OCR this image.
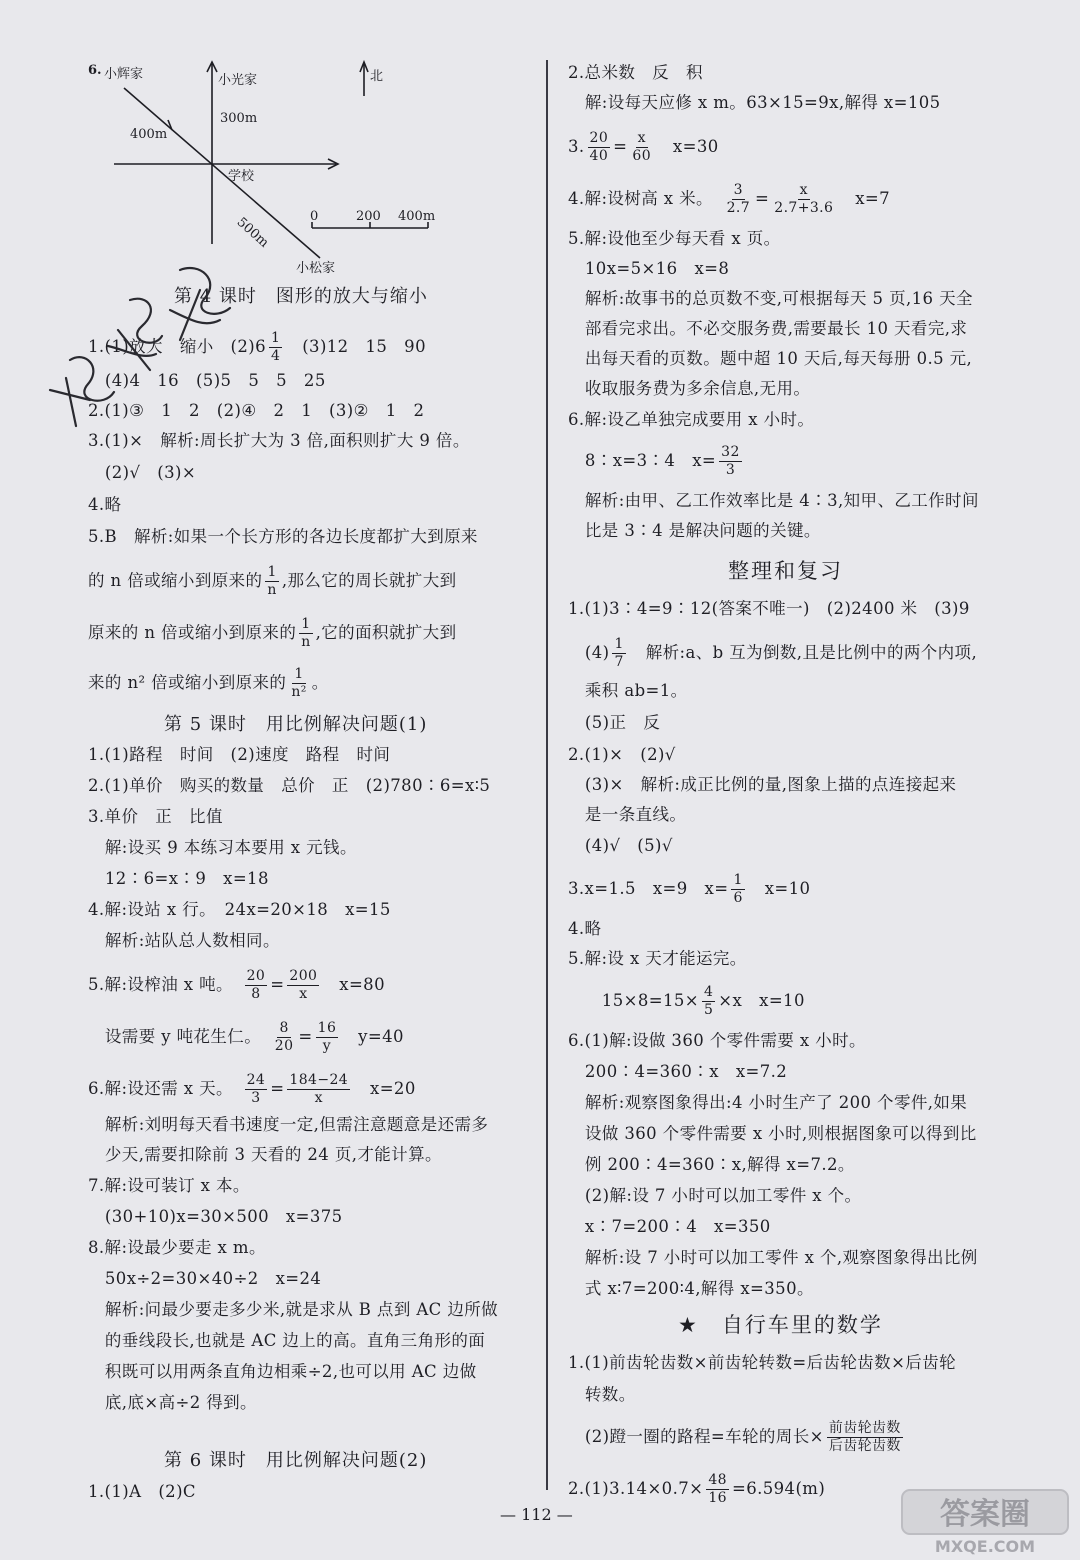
6. 小辉家	小光家	北
300m
400m
学校
500m
小松家
0	200 400m
第 4 课时　图形的放大与缩小
1.(1)放大　缩小　$(2)6 \frac{1}{4}$ 　(3)12　15　90
　(4)4　16　(5)5　5　5　25
2.(1)③　1　2　(2)④　2　1　(3)②　1　2
3.(1)×　解析:周长扩大为 3 倍,面积则扩大 9 倍。
　(2)√　(3)×
4.略
5.B　解析:如果一个长方形的各边长度都扩大到原来
的 n 倍或缩小到原来的 $\frac{1}{n}$ ,那么它的周长就扩大到
原来的 n 倍或缩小到原来的 $\frac{1}{n}$ ,它的面积就扩大到
来的 n² 倍或缩小到原来的 $\frac{1}{\text{n²}}$ 。
第 5 课时　用比例解决问题(1)
1.(1)路程　时间　(2)速度　路程　时间
2.(1)单价　购买的数量　总价　正　(2)780∶6=x∶5
3.单价　正　比值
　解:设买 9 本练习本要用 x 元钱。
　12∶6=x∶9　x=18
4.解:设站 x 行。　24x=20×18　x=15
　解析:站队总人数相同。
5.解:设榨油 x 吨。　 $\frac{20}{8} = \frac{200}{x}$ 　x=80
　设需要 y 吨花生仁。　 $\frac{8}{20} = \frac{16}{y}$ 　y=40
6.解:设还需 x 天。　 $\frac{24}{3} = \frac{184-24}{x}$ 　x=20
　解析:刘明每天看书速度一定,但需注意题意是还需多
　少天,需要扣除前 3 天看的 24 页,才能计算。
7.解:设可装订 x 本。
　(30+10)x=30×500　x=375
8.解:设最少要走 x m。
　50x÷2=30×40÷2　x=24
　解析:问最少要走多少米,就是求从 B 点到 AC 边所做
　的垂线段长,也就是 AC 边上的高。直角三角形的面
　积既可以用两条直角边相乘÷2,也可以用 AC 边做
　底,底×高÷2 得到。
第 6 课时　用比例解决问题(2)
1.(1)A　(2)C
2.总米数　反　积
　解:设每天应修 x m。63×15=9x,解得 x=105
3. $\frac{20}{40} = \frac{x}{60}$ 　x=30
4.解:设树高 x 米。　 $\frac{3}{2.7} = \frac{x}{2.7+3.6}$ 　x=7
5.解:设他至少每天看 x 页。
　10x=5×16　x=8
　解析:故事书的总页数不变,可根据每天 5 页,16 天全
　部看完求出。不必交服务费,需要最长 10 天看完,求
　出每天看的页数。题中超 10 天后,每天每册 0.5 元,
　收取服务费为多余信息,无用。
6.解:设乙单独完成要用 x 小时。
　8∶x=3∶4　$x= \frac{32}{3}$
　解析:由甲、乙工作效率比是 4∶3,知甲、乙工作时间
　比是 3∶4 是解决问题的关键。
整理和复习
1.(1)3∶4=9∶12(答案不唯一)　(2)2400 米　(3)9
　$(4) \frac{1}{7}$ 　解析:a、b 互为倒数,且是比例中的两个内项,
　乘积 ab=1。
　(5)正　反
2.(1)×　(2)√
　(3)×　解析:成正比例的量,图象上描的点连接起来
　是一条直线。
　(4)√　(5)√
3.x=1.5　x=9　$x= \frac{1}{6}$ 　x=10
4.略
5.解:设 x 天才能运完。
　　$15\times 8=15\times \frac{4}{5} \times x$　x=10
6.(1)解:设做 360 个零件需要 x 小时。
　200∶4=360∶x　x=7.2
　解析:观察图象得出:4 小时生产了 200 个零件,如果
　设做 360 个零件需要 x 小时,则根据图象可以得到比
　例 200∶4=360∶x,解得 x=7.2。
　(2)解:设 7 小时可以加工零件 x 个。
　x∶7=200∶4　x=350
　解析:设 7 小时可以加工零件 x 个,观察图象得出比例
　式 x∶7=200∶4,解得 x=350。
★　自行车里的数学
1.(1)前齿轮齿数×前齿轮转数=后齿轮齿数×后齿轮
　转数。
　(2)蹬一圈的路程=车轮的周长× $\frac{\text{前齿轮齿数}}{\text{后齿轮齿数}}$
$2.(1)3.14\times 0.7\times \frac{48}{16} =6.594(m)$
— 112 —	答案圈
MXQE.COM
